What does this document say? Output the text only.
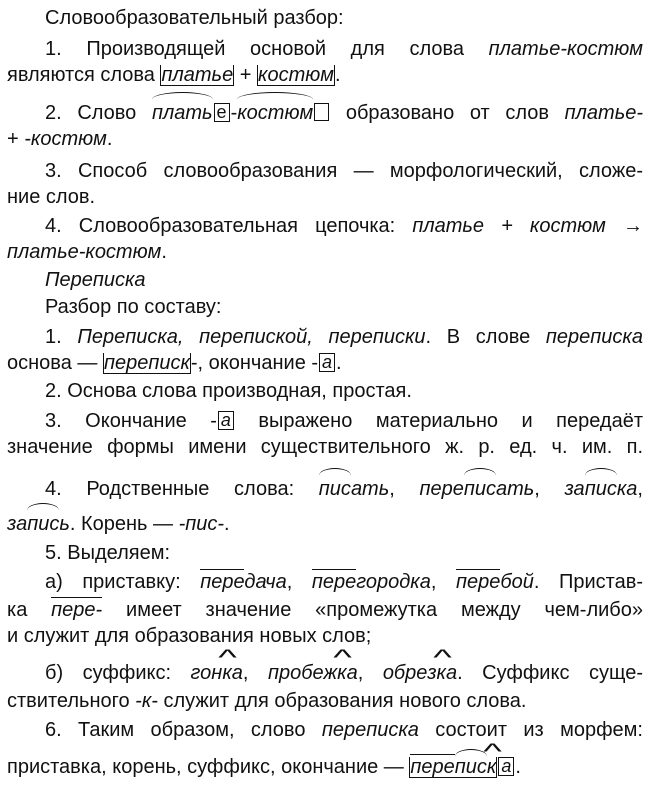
Словообразовательный разбор:
1. Производящей основой для слова платье-костюм
являются слова платье + костюм.
2. Слово плать е -костюм образовано от слов платье-
+ -костюм.
3. Способ словообразования — морфологический, сложе-
ние слов.
4. Словообразовательная цепочка: платье + костюм →
платье-костюм.
Переписка
Разбор по составу:
1. Переписка, перепиской, переписки. В слове переписка
основа — переписк-, окончание - а .
2. Основа слова производная, простая.
3. Окончание - а выражено материально и передаёт
значение формы имени существительного ж. р. ед. ч. им. п.
4. Родственные слова: писать, переписать, записка,
запись. Корень — -пис-.
5. Выделяем:
а) приставку: передача, перегородка, перебой. Пристав-
ка пере- имеет значение «промежутка между чем-либо»
и служит для образования новых слов;
б) суффикс: гон^ ка, пробеж^ ка, обрез^ ка. Суффикс суще-
ствительного -к- служит для образования нового слова.
6. Таким образом, слово переписка состоит из морфем:
приставка, корень, суффикс, окончание — перепис^ к а .
